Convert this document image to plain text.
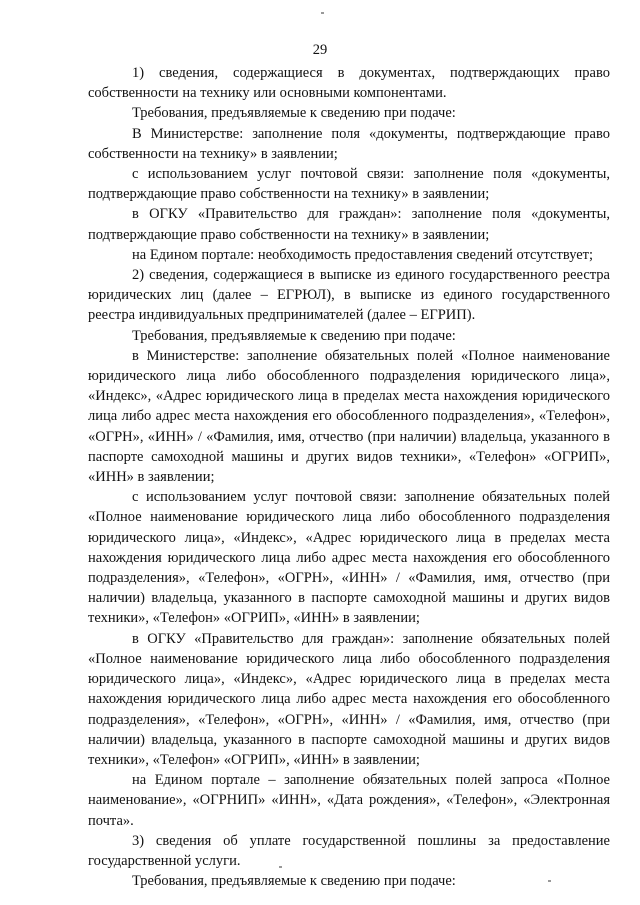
29

1) сведения, содержащиеся в документах, подтверждающих право собственности на технику или основными компонентами.

Требования, предъявляемые к сведению при подаче:

В Министерстве: заполнение поля «документы, подтверждающие право собственности на технику» в заявлении;

с использованием услуг почтовой связи: заполнение поля «документы, подтверждающие право собственности на технику» в заявлении;

в ОГКУ «Правительство для граждан»: заполнение поля «документы, подтверждающие право собственности на технику» в заявлении;

на Едином портале: необходимость предоставления сведений отсутствует;

2) сведения, содержащиеся в выписке из единого государственного реестра юридических лиц (далее – ЕГРЮЛ), в выписке из единого государственного реестра индивидуальных предпринимателей (далее – ЕГРИП).

Требования, предъявляемые к сведению при подаче:

в Министерстве: заполнение обязательных полей «Полное наименование юридического лица либо обособленного подразделения юридического лица», «Индекс», «Адрес юридического лица в пределах места нахождения юридического лица либо адрес места нахождения его обособленного подразделения», «Телефон», «ОГРН», «ИНН» / «Фамилия, имя, отчество (при наличии) владельца, указанного в паспорте самоходной машины и других видов техники», «Телефон» «ОГРИП», «ИНН» в заявлении;

с использованием услуг почтовой связи: заполнение обязательных полей «Полное наименование юридического лица либо обособленного подразделения юридического лица», «Индекс», «Адрес юридического лица в пределах места нахождения юридического лица либо адрес места нахождения его обособленного подразделения», «Телефон», «ОГРН», «ИНН» / «Фамилия, имя, отчество (при наличии) владельца, указанного в паспорте самоходной машины и других видов техники», «Телефон» «ОГРИП», «ИНН» в заявлении;

в ОГКУ «Правительство для граждан»: заполнение обязательных полей «Полное наименование юридического лица либо обособленного подразделения юридического лица», «Индекс», «Адрес юридического лица в пределах места нахождения юридического лица либо адрес места нахождения его обособленного подразделения», «Телефон», «ОГРН», «ИНН» / «Фамилия, имя, отчество (при наличии) владельца, указанного в паспорте самоходной машины и других видов техники», «Телефон» «ОГРИП», «ИНН» в заявлении;

на Едином портале – заполнение обязательных полей запроса «Полное наименование», «ОГРНИП» «ИНН», «Дата рождения», «Телефон», «Электронная почта».

3) сведения об уплате государственной пошлины за предоставление государственной услуги.

Требования, предъявляемые к сведению при подаче:
